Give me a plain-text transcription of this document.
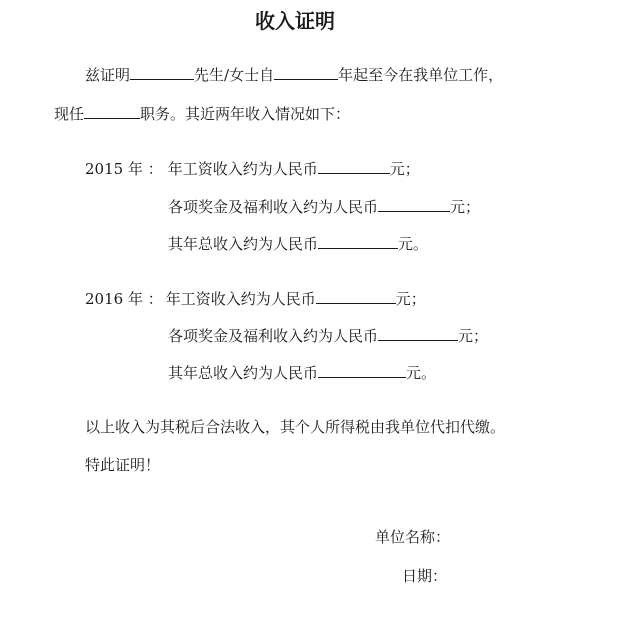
收入证明
兹证明	先生/女士自	年起至今在我单位工作，
现任	职务。其近两年收入情况如下：
2015 年 ： 年工资收入约为人民币	元；
各项奖金及福利收入约为人民币	元；
其年总收入约为人民币	元。
2016 年 ： 年工资收入约为人民币	元；
各项奖金及福利收入约为人民币	元；
其年总收入约为人民币	元。
以上收入为其税后合法收入，其个人所得税由我单位代扣代缴。
特此证明！
单位名称：
日期：
